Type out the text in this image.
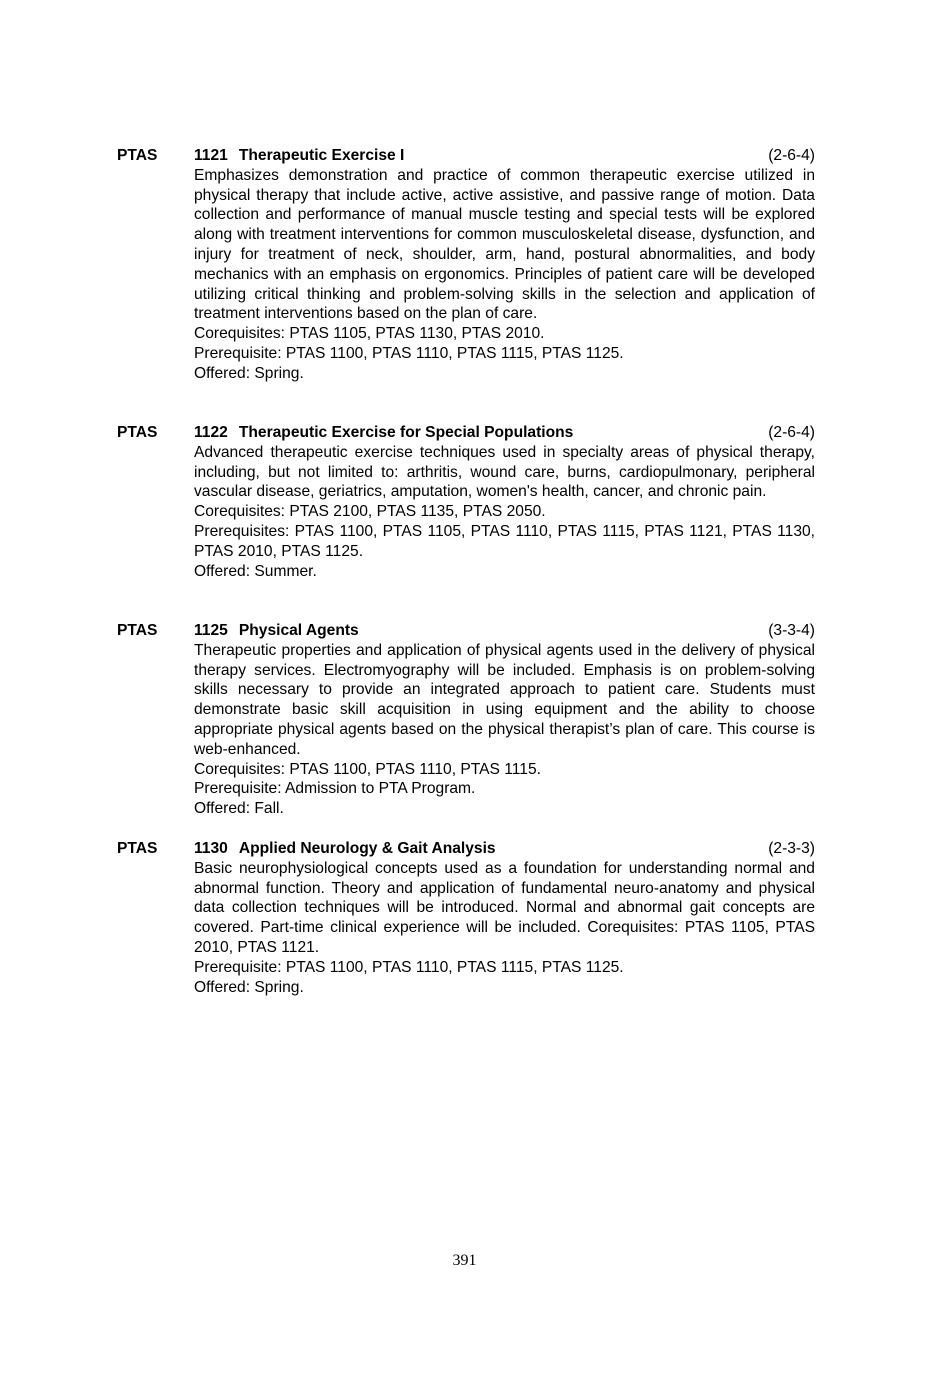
PTAS 1121 Therapeutic Exercise I	(2-6-4)
Emphasizes demonstration and practice of common therapeutic exercise utilized in physical therapy that include active, active assistive, and passive range of motion. Data collection and performance of manual muscle testing and special tests will be explored along with treatment interventions for common musculoskeletal disease, dysfunction, and injury for treatment of neck, shoulder, arm, hand, postural abnormalities, and body mechanics with an emphasis on ergonomics. Principles of patient care will be developed utilizing critical thinking and problem-solving skills in the selection and application of treatment interventions based on the plan of care.
Corequisites: PTAS 1105, PTAS 1130, PTAS 2010.
Prerequisite: PTAS 1100, PTAS 1110, PTAS 1115, PTAS 1125.
Offered: Spring.
PTAS 1122 Therapeutic Exercise for Special Populations	(2-6-4)
Advanced therapeutic exercise techniques used in specialty areas of physical therapy, including, but not limited to: arthritis, wound care, burns, cardiopulmonary, peripheral vascular disease, geriatrics, amputation, women's health, cancer, and chronic pain.
Corequisites: PTAS 2100, PTAS 1135, PTAS 2050.
Prerequisites: PTAS 1100, PTAS 1105, PTAS 1110, PTAS 1115, PTAS 1121, PTAS 1130, PTAS 2010, PTAS 1125.
Offered: Summer.
PTAS 1125 Physical Agents	(3-3-4)
Therapeutic properties and application of physical agents used in the delivery of physical therapy services. Electromyography will be included. Emphasis is on problem-solving skills necessary to provide an integrated approach to patient care. Students must demonstrate basic skill acquisition in using equipment and the ability to choose appropriate physical agents based on the physical therapist’s plan of care. This course is web-enhanced.
Corequisites: PTAS 1100, PTAS 1110, PTAS 1115.
Prerequisite: Admission to PTA Program.
Offered: Fall.
PTAS 1130 Applied Neurology & Gait Analysis	(2-3-3)
Basic neurophysiological concepts used as a foundation for understanding normal and abnormal function. Theory and application of fundamental neuro-anatomy and physical data collection techniques will be introduced. Normal and abnormal gait concepts are covered. Part-time clinical experience will be included. Corequisites: PTAS 1105, PTAS 2010, PTAS 1121.
Prerequisite: PTAS 1100, PTAS 1110, PTAS 1115, PTAS 1125.
Offered: Spring.
391
